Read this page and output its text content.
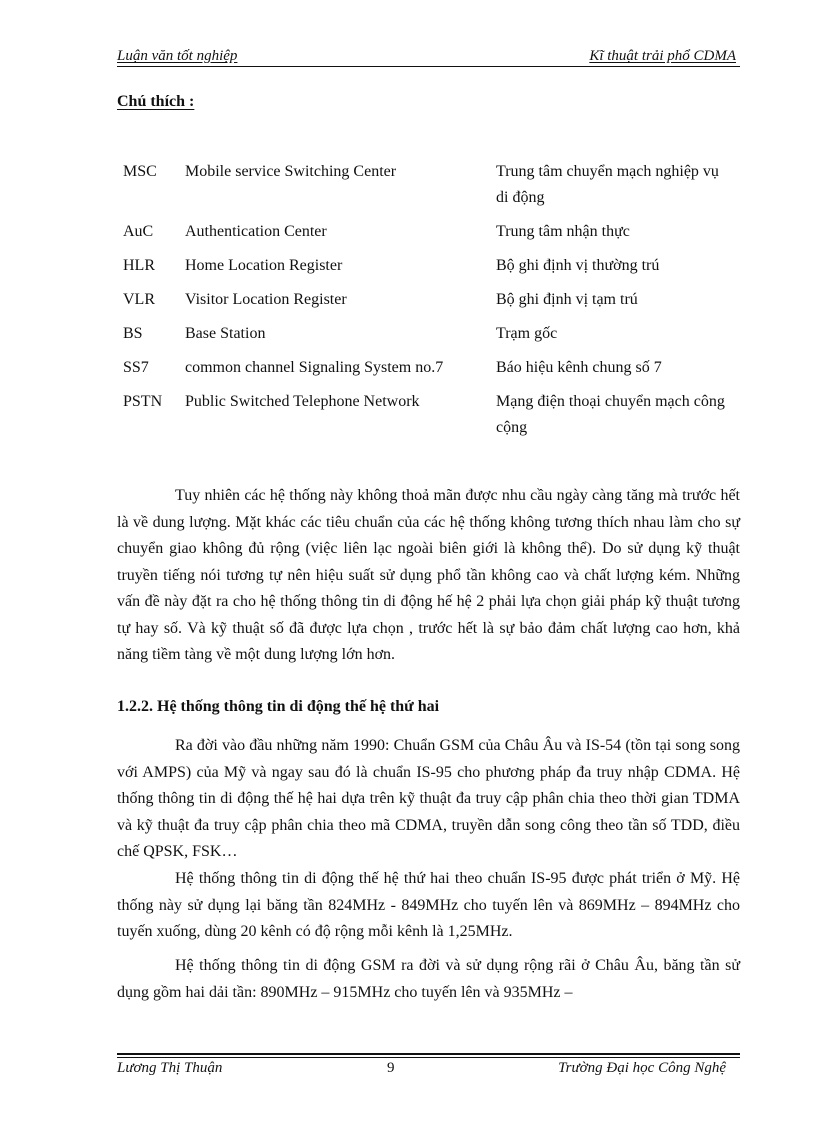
Luận văn tốt nghiệp	Kĩ thuật trải phổ CDMA
Chú thích :
MSC Mobile service Switching Center	Trung tâm chuyển mạch nghiệp vụ di động
AuC Authentication Center	Trung tâm nhận thực
HLR Home Location Register	Bộ ghi định vị thường trú
VLR Visitor Location Register	Bộ ghi định vị tạm trú
BS	Base Station	Trạm gốc
SS7 common channel Signaling System no.7	Báo hiệu kênh chung số 7
PSTN Public Switched Telephone Network	Mạng điện thoại chuyển mạch công cộng

Tuy nhiên các hệ thống này không thoả mãn được nhu cầu ngày càng tăng mà trước hết là về dung lượng. Mặt khác các tiêu chuẩn của các hệ thống không tương thích nhau làm cho sự chuyển giao không đủ rộng (việc liên lạc ngoài biên giới là không thể). Do sử dụng kỹ thuật truyền tiếng nói tương tự nên hiệu suất sử dụng phổ tần không cao và chất lượng kém. Những vấn đề này đặt ra cho hệ thống thông tin di động hế hệ 2 phải lựa chọn giải pháp kỹ thuật tương tự hay số. Và kỹ thuật số đã được lựa chọn , trước hết là sự bảo đảm chất lượng cao hơn, khả năng tiềm tàng về một dung lượng lớn hơn.

1.2.2. Hệ thống thông tin di động thế hệ thứ hai

Ra đời vào đầu những năm 1990: Chuẩn GSM của Châu Âu và IS-54 (tồn tại song song với AMPS) của Mỹ và ngay sau đó là chuẩn IS-95 cho phương pháp đa truy nhập CDMA. Hệ thống thông tin di động thế hệ hai dựa trên kỹ thuật đa truy cập phân chia theo thời gian TDMA và kỹ thuật đa truy cập phân chia theo mã CDMA, truyền dẫn song công theo tần số TDD, điều chế QPSK, FSK…

Hệ thống thông tin di động thế hệ thứ hai theo chuẩn IS-95 được phát triển ở Mỹ. Hệ thống này sử dụng lại băng tần 824MHz - 849MHz cho tuyến lên và 869MHz – 894MHz cho tuyến xuống, dùng 20 kênh có độ rộng mỗi kênh là 1,25MHz.

Hệ thống thông tin di động GSM ra đời và sử dụng rộng rãi ở Châu Âu, băng tần sử dụng gồm hai dải tần: 890MHz – 915MHz cho tuyến lên và 935MHz –

Lương Thị Thuận	9	Trường Đại học Công Nghệ
